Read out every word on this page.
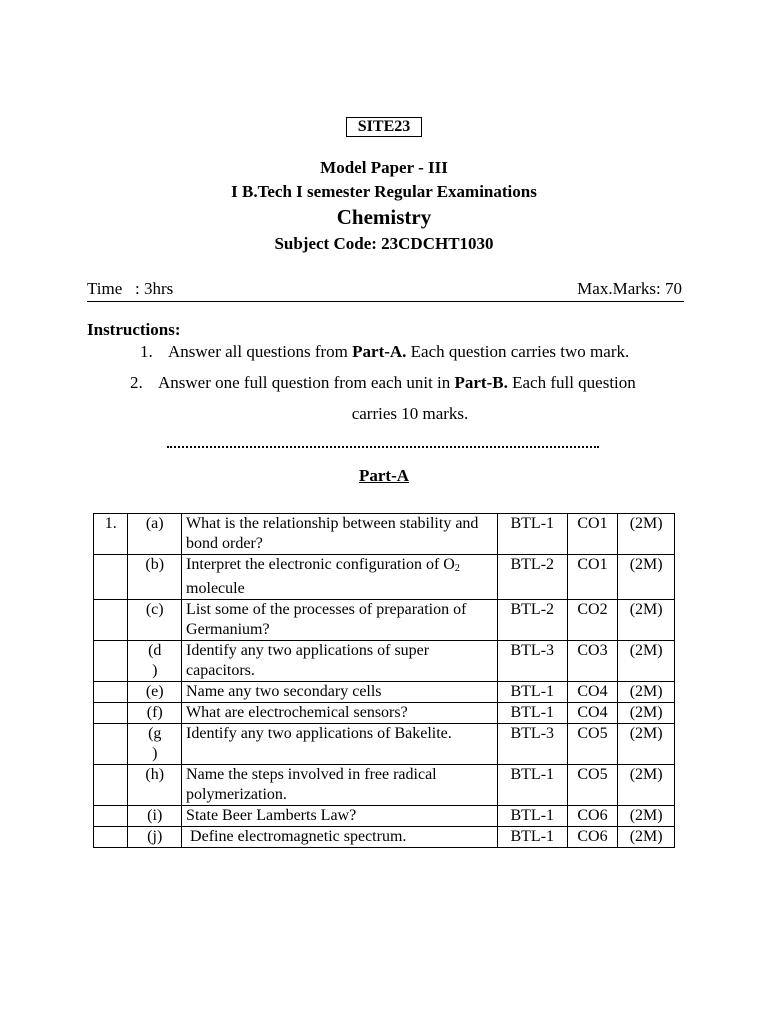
SITE23
Model Paper - III
I B.Tech I semester Regular Examinations
Chemistry
Subject Code: 23CDCHT1030
Time   : 3hrs	Max.Marks: 70
Instructions:
1. Answer all questions from Part-A. Each question carries two mark.
2. Answer one full question from each unit in Part-B. Each full question
carries 10 marks.
Part-A
1.	(a)	What is the relationship between stability and bond order?	BTL-1	CO1	(2M)
	(b)	Interpret the electronic configuration of $O_2$ molecule	BTL-2	CO1	(2M)
	(c)	List some of the processes of preparation of Germanium?	BTL-2	CO2	(2M)
	(d
)	Identify any two applications of super capacitors.	BTL-3	CO3	(2M)
	(e)	Name any two secondary cells	BTL-1	CO4	(2M)
	(f)	What are electrochemical sensors?	BTL-1	CO4	(2M)
	(g
)	Identify any two applications of Bakelite.	BTL-3	CO5	(2M)
	(h)	Name the steps involved in free radical polymerization.	BTL-1	CO5	(2M)
	(i)	State Beer Lamberts Law?	BTL-1	CO6	(2M)
	(j)	Define electromagnetic spectrum.	BTL-1	CO6	(2M)
